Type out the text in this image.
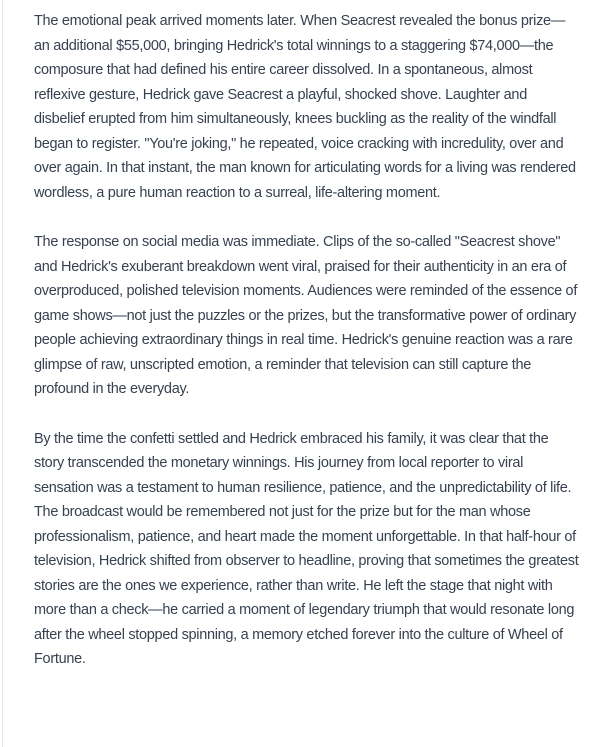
The emotional peak arrived moments later. When Seacrest revealed the bonus prize—an additional $55,000, bringing Hedrick's total winnings to a staggering $74,000—the composure that had defined his entire career dissolved. In a spontaneous, almost reflexive gesture, Hedrick gave Seacrest a playful, shocked shove. Laughter and disbelief erupted from him simultaneously, knees buckling as the reality of the windfall began to register. "You're joking," he repeated, voice cracking with incredulity, over and over again. In that instant, the man known for articulating words for a living was rendered wordless, a pure human reaction to a surreal, life-altering moment.

The response on social media was immediate. Clips of the so-called "Seacrest shove" and Hedrick's exuberant breakdown went viral, praised for their authenticity in an era of overproduced, polished television moments. Audiences were reminded of the essence of game shows—not just the puzzles or the prizes, but the transformative power of ordinary people achieving extraordinary things in real time. Hedrick's genuine reaction was a rare glimpse of raw, unscripted emotion, a reminder that television can still capture the profound in the everyday.

By the time the confetti settled and Hedrick embraced his family, it was clear that the story transcended the monetary winnings. His journey from local reporter to viral sensation was a testament to human resilience, patience, and the unpredictability of life. The broadcast would be remembered not just for the prize but for the man whose professionalism, patience, and heart made the moment unforgettable. In that half-hour of television, Hedrick shifted from observer to headline, proving that sometimes the greatest stories are the ones we experience, rather than write. He left the stage that night with more than a check—he carried a moment of legendary triumph that would resonate long after the wheel stopped spinning, a memory etched forever into the culture of Wheel of Fortune.
